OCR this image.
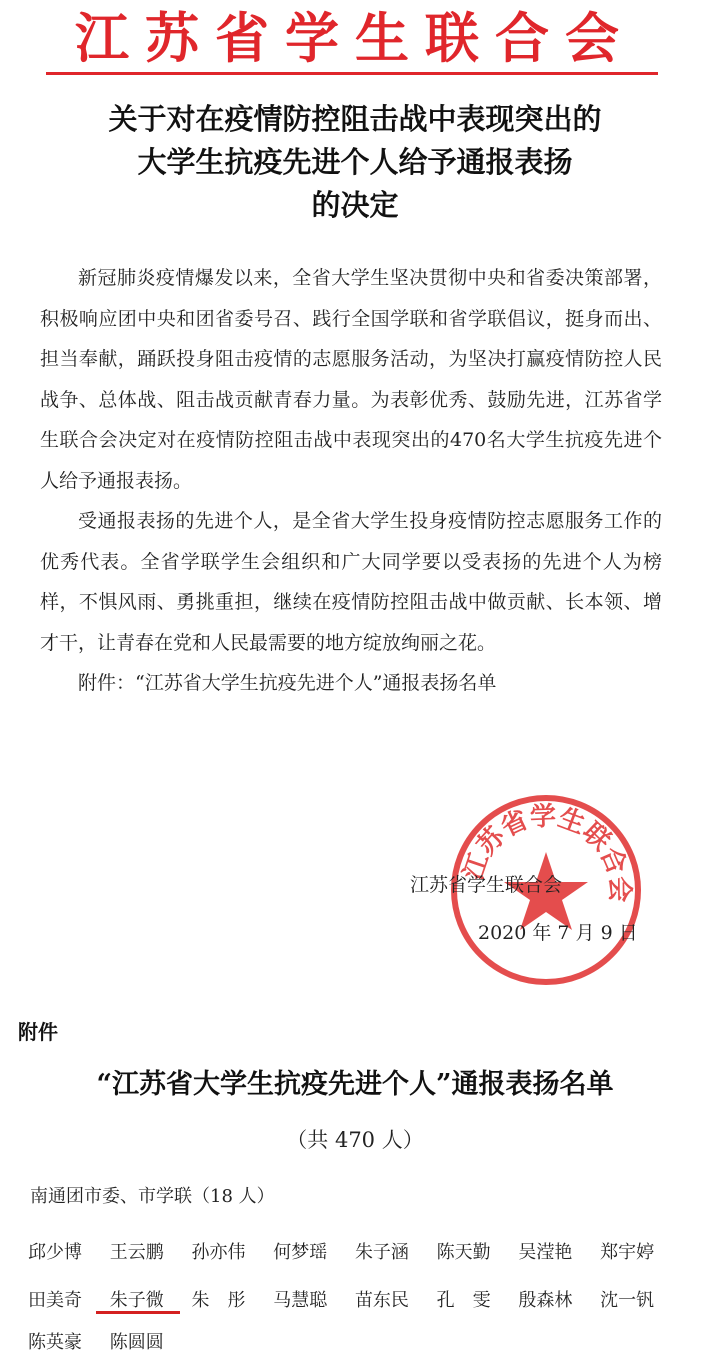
江苏省学生联合会
关于对在疫情防控阻击战中表现突出的
大学生抗疫先进个人给予通报表扬
的决定

新冠肺炎疫情爆发以来，全省大学生坚决贯彻中央和省委决策部署，积极响应团中央和团省委号召、践行全国学联和省学联倡议，挺身而出、担当奉献，踊跃投身阻击疫情的志愿服务活动，为坚决打赢疫情防控人民战争、总体战、阻击战贡献青春力量。为表彰优秀、鼓励先进，江苏省学生联合会决定对在疫情防控阻击战中表现突出的470名大学生抗疫先进个人给予通报表扬。

受通报表扬的先进个人，是全省大学生投身疫情防控志愿服务工作的优秀代表。全省学联学生会组织和广大同学要以受表扬的先进个人为榜样，不惧风雨、勇挑重担，继续在疫情防控阻击战中做贡献、长本领、增才干，让青春在党和人民最需要的地方绽放绚丽之花。

附件：“江苏省大学生抗疫先进个人”通报表扬名单

江苏省学生联合会
江苏省学生联合会
2020 年 7 月 9 日
附件
“江苏省大学生抗疫先进个人”通报表扬名单
（共 470 人）
南通团市委、市学联（18 人）
邱少博 王云鹏 孙亦伟 何梦瑶 朱子涵 陈天勤 吴滢艳 郑宇婷
田美奇 朱子微 朱　彤 马慧聪 苗东民 孔　雯 殷森林 沈一钒
陈英豪 陈圆圆
